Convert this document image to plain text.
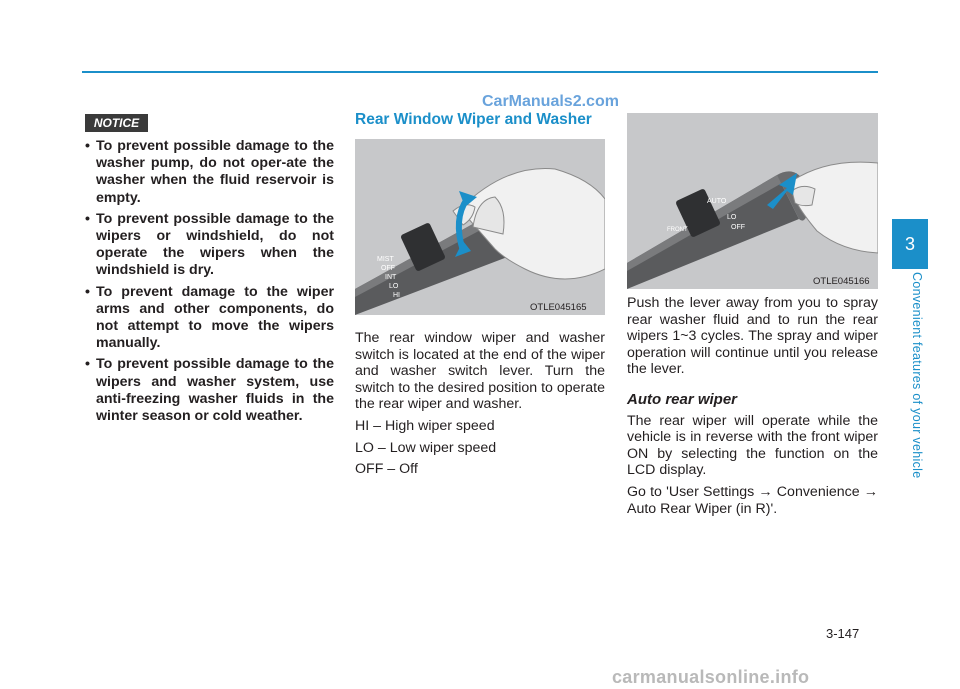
CarManuals2.com
NOTICE
• To prevent possible damage to the washer pump, do not oper-ate the washer when the fluid reservoir is empty.
• To prevent possible damage to the wipers or windshield, do not operate the wipers when the windshield is dry.
• To prevent damage to the wiper arms and other components, do not attempt to move the wipers manually.
• To prevent possible damage to the wipers and washer system, use anti-freezing washer fluids in the winter season or cold weather.
Rear Window Wiper and Washer
MIST
OFF
INT
LO
HI
OTLE045165
AUTO
FRONT
LO
OFF
OTLE045166

The rear window wiper and washer switch is located at the end of the wiper and washer switch lever. Turn the switch to the desired position to operate the rear wiper and washer.

HI – High wiper speed

LO – Low wiper speed

OFF – Off

Push the lever away from you to spray rear washer fluid and to run the rear wipers 1~3 cycles. The spray and wiper operation will continue until you release the lever.

Auto rear wiper

The rear wiper will operate while the vehicle is in reverse with the front wiper ON by selecting the function on the LCD display.

Go to 'User Settings → Convenience → Auto Rear Wiper (in R)'.

3
Convenient features of your vehicle
3-147
carmanualsonline.info
